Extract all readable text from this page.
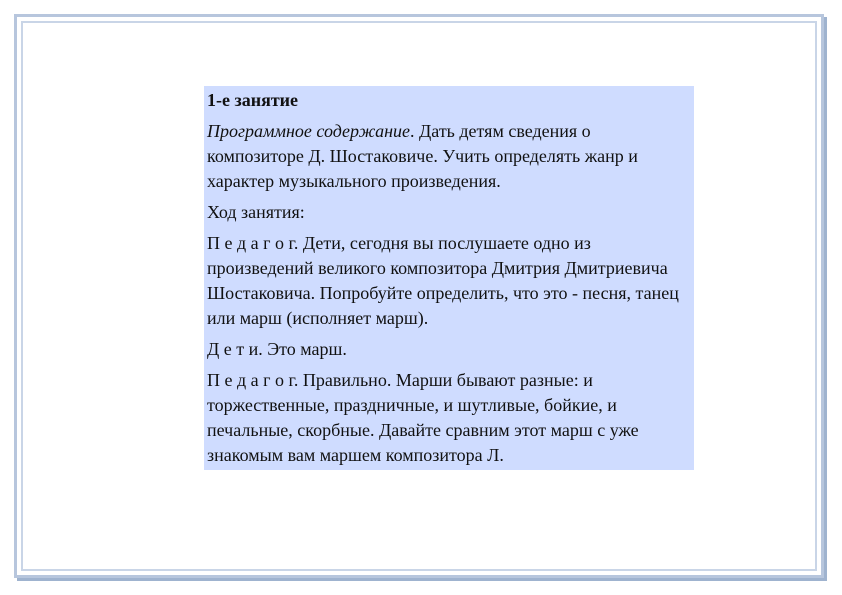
1-е занятие

Программное содержание. Дать детям сведения о композиторе Д. Шостаковиче. Учить определять жанр и характер музыкального произведения.

Ход занятия:

П е д а г о г. Дети, сегодня вы послушаете одно из произведений великого композитора Дмитрия Дмитриевича Шостаковича. Попробуйте определить, что это - песня, танец или марш (исполняет марш).

Д е т и. Это марш.

П е д а г о г. Правильно. Марши бывают разные: и торжественные, праздничные, и шутливые, бойкие, и печальные, скорбные. Давайте сравним этот марш с уже знакомым вам маршем композитора Л.
